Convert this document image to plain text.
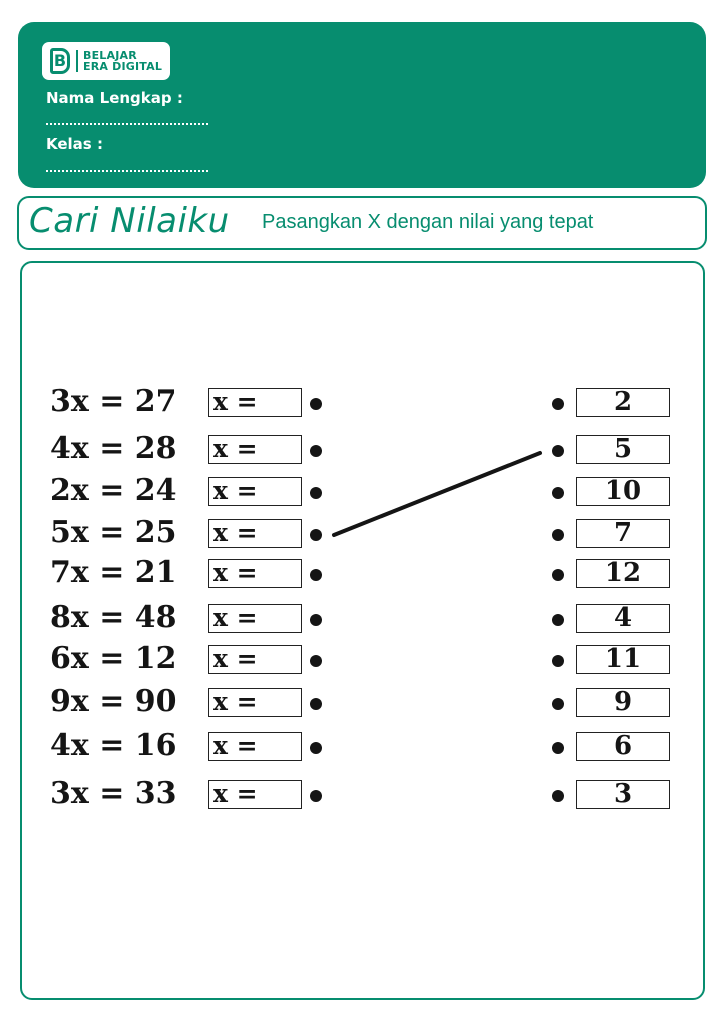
B	BELAJAR
ERA DIGITAL
Nama Lengkap :
Kelas :
Cari Nilaiku Pasangkan X dengan nilai yang tepat
3x = 27	x =	2
4x = 28	x =	5
2x = 24	x =	10
5x = 25	x =	7
7x = 21	x =	12
8x = 48	x =	4
6x = 12	x =	11
9x = 90	x =	9
4x = 16	x =	6
3x = 33	x =	3
